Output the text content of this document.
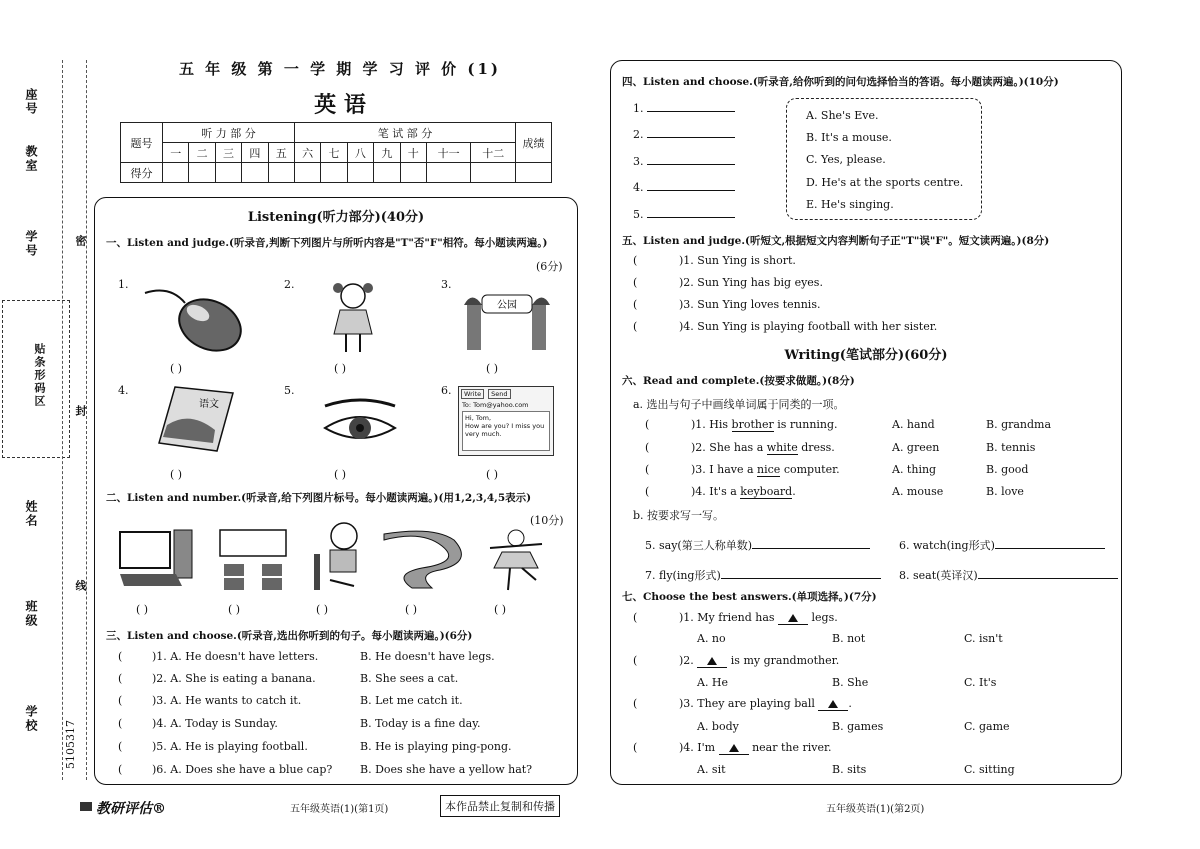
座号
教室
学号
贴条形码区
姓名
班级
学校
密
封
线
5105317
五 年 级 第 一 学 期 学 习 评 价 (1)
英 语
题号	听 力 部 分					笔 试 部 分							成绩
	一	二	三	四	五	六	七	八	九	十	十一	十二	
得分													
Listening(听力部分)(40分)
一、Listen and judge.(听录音,判断下列图片与所听内容是"T"否"F"相符。每小题读两遍。)
(6分)
1.
( )
2.
( )
3.
公园
( )
4.
语文
( )
5.
( )
6.	Write	Send
To: Tom@yahoo.com
Hi, Tom,
How are you? I miss you
very much.
( )
二、Listen and number.(听录音,给下列图片标号。每小题读两遍。)(用1,2,3,4,5表示)
(10分)
( )	( )	( )	( )	( )
三、Listen and choose.(听录音,选出你听到的句子。每小题读两遍。)(6分)
(	)1. A. He doesn't have letters.	B. He doesn't have legs.
(	)2. A. She is eating a banana.	B. She sees a cat.
(	)3. A. He wants to catch it.	B. Let me catch it.
(	)4. A. Today is Sunday.	B. Today is a fine day.
(	)5. A. He is playing football.	B. He is playing ping-pong.
(	)6. A. Does she have a blue cap?	B. Does she have a yellow hat?
教研评估®	五年级英语(1)(第1页)	本作品禁止复制和传播
四、Listen and choose.(听录音,给你听到的问句选择恰当的答语。每小题读两遍。)(10分)
1.
2.
3.
4.
5.
A. She's Eve.
B. It's a mouse.
C. Yes, please.
D. He's at the sports centre.
E. He's singing.
五、Listen and judge.(听短文,根据短文内容判断句子正"T"误"F"。短文读两遍。)(8分)
(	)1. Sun Ying is short.
(	)2. Sun Ying has big eyes.
(	)3. Sun Ying loves tennis.
(	)4. Sun Ying is playing football with her sister.
Writing(笔试部分)(60分)
六、Read and complete.(按要求做题。)(8分)
a. 选出与句子中画线单词属于同类的一项。
(	)1. His brother is running.	A. hand	B. grandma
(	)2. She has a white dress.	A. green	B. tennis
(	)3. I have a nice computer.	A. thing	B. good
(	)4. It's a keyboard.	A. mouse	B. love
b. 按要求写一写。
5. say(第三人称单数)	6. watch(ing形式)
7. fly(ing形式)	8. seat(英译汉)
七、Choose the best answers.(单项选择。)(7分)
(	)1. My friend has	legs.
A. no	B. not	C. isn't
(	)2.	is my grandmother.
A. He	B. She	C. It's
(	)3. They are playing ball	.
A. body	B. games	C. game
(	)4. I'm	near the river.
A. sit	B. sits	C. sitting
五年级英语(1)(第2页)
